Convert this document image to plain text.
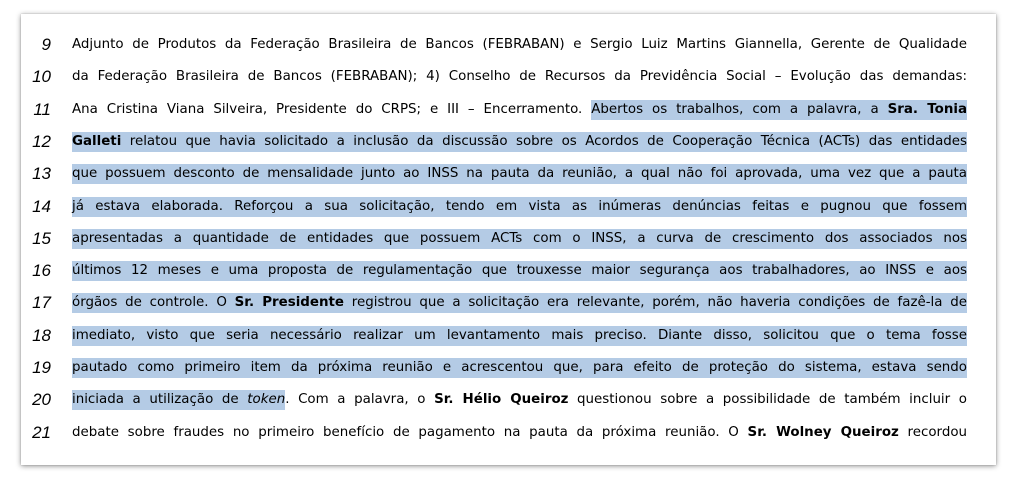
9 Adjunto de Produtos da Federação Brasileira de Bancos (FEBRABAN) e Sergio Luiz Martins Giannella, Gerente de Qualidade
10 da Federação Brasileira de Bancos (FEBRABAN); 4) Conselho de Recursos da Previdência Social – Evolução das demandas:
11 Ana Cristina Viana Silveira, Presidente do CRPS; e III – Encerramento. Abertos os trabalhos, com a palavra, a Sra. Tonia
12 Galleti relatou que havia solicitado a inclusão da discussão sobre os Acordos de Cooperação Técnica (ACTs) das entidades
13 que possuem desconto de mensalidade junto ao INSS na pauta da reunião, a qual não foi aprovada, uma vez que a pauta
14 já estava elaborada. Reforçou a sua solicitação, tendo em vista as inúmeras denúncias feitas e pugnou que fossem
15 apresentadas a quantidade de entidades que possuem ACTs com o INSS, a curva de crescimento dos associados nos
16 últimos 12 meses e uma proposta de regulamentação que trouxesse maior segurança aos trabalhadores, ao INSS e aos
17 órgãos de controle. O Sr. Presidente registrou que a solicitação era relevante, porém, não haveria condições de fazê-la de
18 imediato, visto que seria necessário realizar um levantamento mais preciso. Diante disso, solicitou que o tema fosse
19 pautado como primeiro item da próxima reunião e acrescentou que, para efeito de proteção do sistema, estava sendo
20 iniciada a utilização de token. Com a palavra, o Sr. Hélio Queiroz questionou sobre a possibilidade de também incluir o
21 debate sobre fraudes no primeiro benefício de pagamento na pauta da próxima reunião. O Sr. Wolney Queiroz recordou
